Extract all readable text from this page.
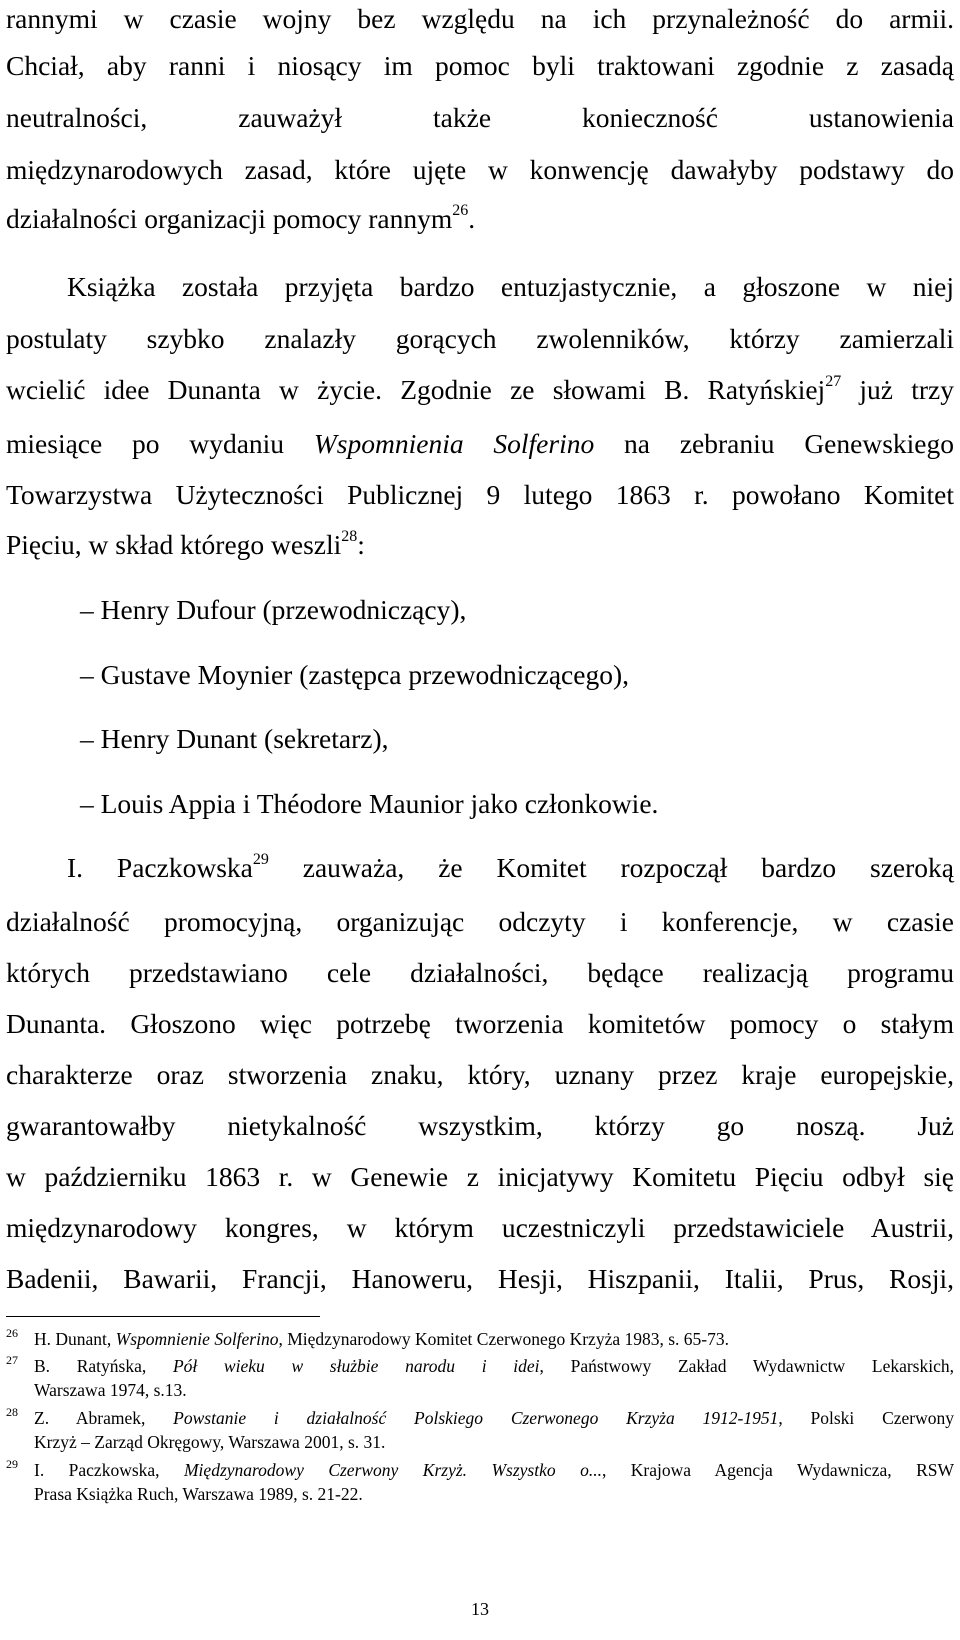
rannymi w czasie wojny bez względu na ich przynależność do armii.
Chciał, aby ranni i niosący im pomoc byli traktowani zgodnie z zasadą
neutralności, zauważył także konieczność ustanowienia
międzynarodowych zasad, które ujęte w konwencję dawałyby podstawy do
działalności organizacji pomocy rannym$^{26}$.
Książka została przyjęta bardzo entuzjastycznie, a głoszone w niej
postulaty szybko znalazły gorących zwolenników, którzy zamierzali
wcielić idee Dunanta w życie. Zgodnie ze słowami B. Ratyńskiej$^{27}$ już trzy
miesiące po wydaniu Wspomnienia Solferino na zebraniu Genewskiego
Towarzystwa Użyteczności Publicznej 9 lutego 1863 r. powołano Komitet
Pięciu, w skład którego weszli$^{28}$:
– Henry Dufour (przewodniczący),
– Gustave Moynier (zastępca przewodniczącego),
– Henry Dunant (sekretarz),
– Louis Appia i Théodore Maunior jako członkowie.
I. Paczkowska$^{29}$ zauważa, że Komitet rozpoczął bardzo szeroką
działalność promocyjną, organizując odczyty i konferencje, w czasie
których przedstawiano cele działalności, będące realizacją programu
Dunanta. Głoszono więc potrzebę tworzenia komitetów pomocy o stałym
charakterze oraz stworzenia znaku, który, uznany przez kraje europejskie,
gwarantowałby nietykalność wszystkim, którzy go noszą. Już
w październiku 1863 r. w Genewie z inicjatywy Komitetu Pięciu odbył się
międzynarodowy kongres, w którym uczestniczyli przedstawiciele Austrii,
Badenii, Bawarii, Francji, Hanoweru, Hesji, Hiszpanii, Italii, Prus, Rosji,
26 H. Dunant, Wspomnienie Solferino, Międzynarodowy Komitet Czerwonego Krzyża 1983, s. 65-73.
27 B. Ratyńska, Pół wieku w służbie narodu i idei, Państwowy Zakład Wydawnictw Lekarskich,
Warszawa 1974, s.13.
28 Z. Abramek, Powstanie i działalność Polskiego Czerwonego Krzyża 1912-1951, Polski Czerwony
Krzyż – Zarząd Okręgowy, Warszawa 2001, s. 31.
29 I. Paczkowska, Międzynarodowy Czerwony Krzyż. Wszystko o..., Krajowa Agencja Wydawnicza, RSW
Prasa Książka Ruch, Warszawa 1989, s. 21-22.
13
